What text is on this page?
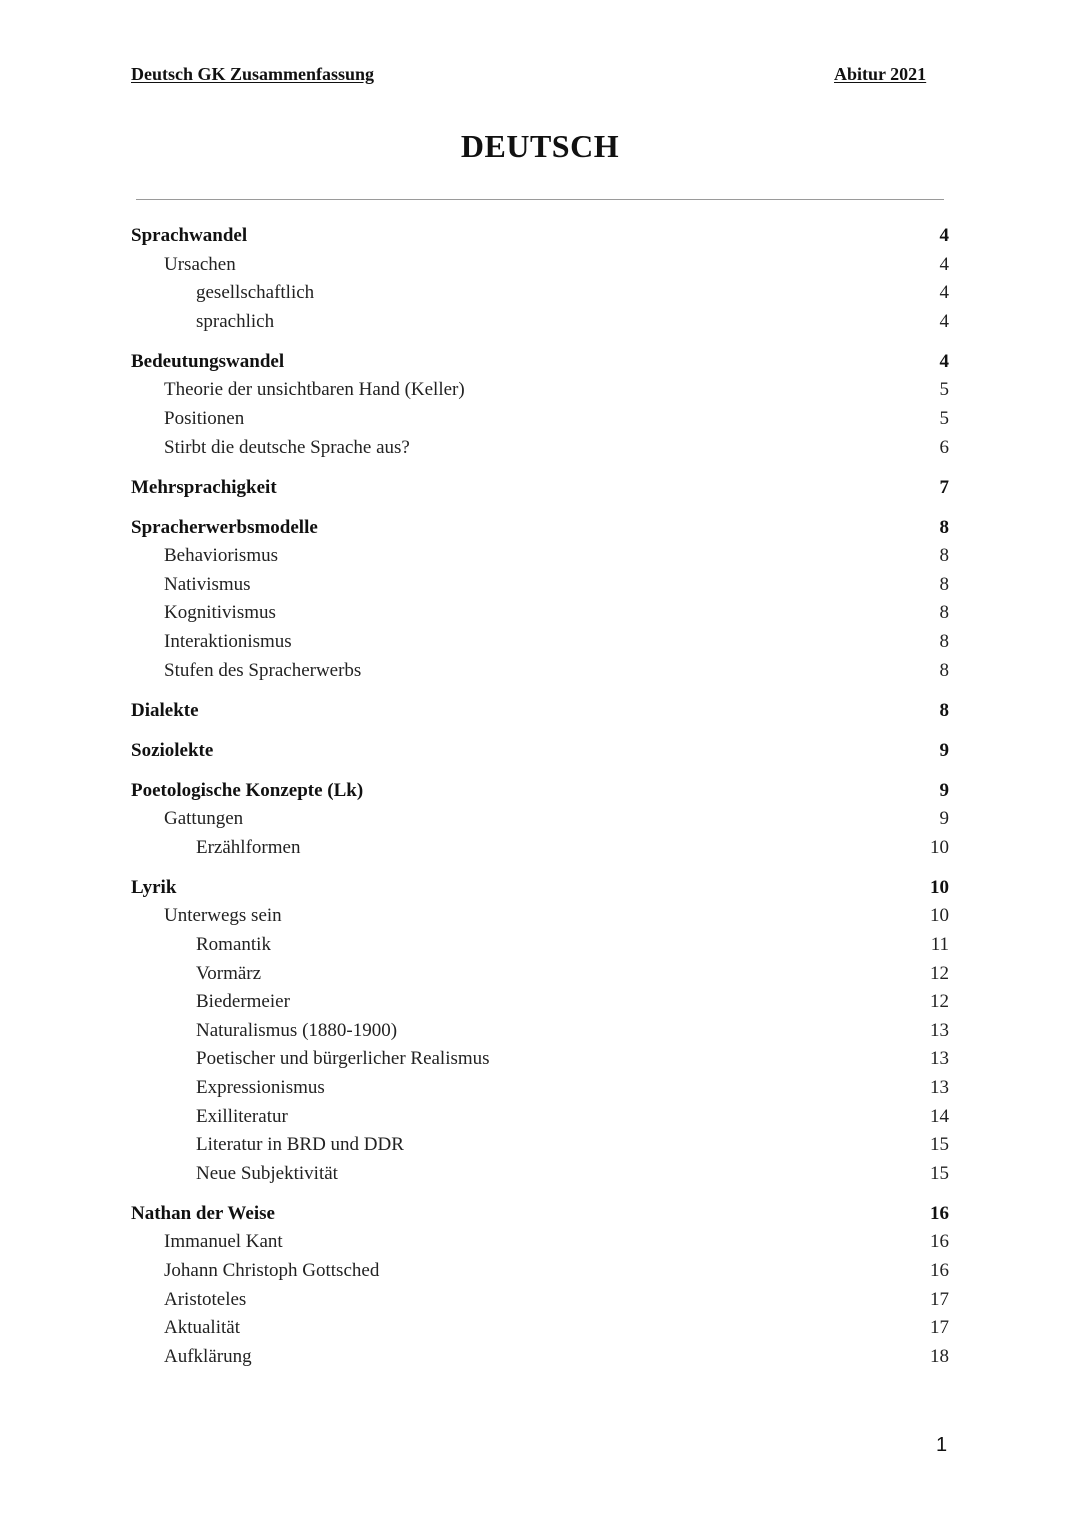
Deutsch GK Zusammenfassung	Abitur 2021
DEUTSCH
Sprachwandel	4
Ursachen	4
gesellschaftlich	4
sprachlich	4
Bedeutungswandel	4
Theorie der unsichtbaren Hand (Keller)	5
Positionen	5
Stirbt die deutsche Sprache aus?	6
Mehrsprachigkeit	7
Spracherwerbsmodelle	8
Behaviorismus	8
Nativismus	8
Kognitivismus	8
Interaktionismus	8
Stufen des Spracherwerbs	8
Dialekte	8
Soziolekte	9
Poetologische Konzepte (Lk)	9
Gattungen	9
Erzählformen	10
Lyrik	10
Unterwegs sein	10
Romantik	11
Vormärz	12
Biedermeier	12
Naturalismus (1880-1900)	13
Poetischer und bürgerlicher Realismus	13
Expressionismus	13
Exilliteratur	14
Literatur in BRD und DDR	15
Neue Subjektivität	15
Nathan der Weise	16
Immanuel Kant	16
Johann Christoph Gottsched	16
Aristoteles	17
Aktualität	17
Aufklärung	18
1
